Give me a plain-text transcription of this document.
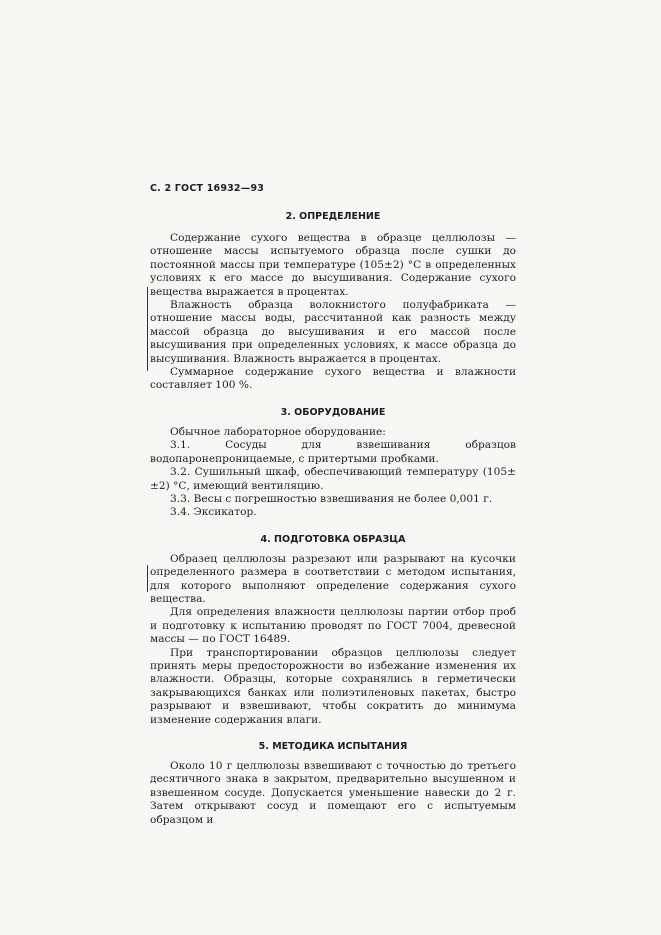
С. 2 ГОСТ 16932—93
2. ОПРЕДЕЛЕНИЕ

Содержание сухого вещества в образце целлюлозы — отношение массы испытуемого образца после сушки до постоянной массы при температуре (105±2) °С в определенных условиях к его массе до высушивания. Содержание сухого вещества выражается в процентах.

Влажность образца волокнистого полуфабриката — отношение массы воды, рассчитанной как разность между массой образца до высушивания и его массой после высушивания при определенных условиях, к массе образца до высушивания. Влажность выражается в процентах.

Суммарное содержание сухого вещества и влажности составляет 100 %.

3. ОБОРУДОВАНИЕ

Обычное лабораторное оборудование:

3.1. Сосуды для взвешивания образцов водопаронепроницаемые, с притертыми пробками.

3.2. Сушильный шкаф, обеспечивающий температуру (105±±2) °С, имеющий вентиляцию.

3.3. Весы с погрешностью взвешивания не более 0,001 г.

3.4. Эксикатор.

4. ПОДГОТОВКА ОБРАЗЦА

Образец целлюлозы разрезают или разрывают на кусочки определенного размера в соответствии с методом испытания, для которого выполняют определение содержания сухого вещества.

Для определения влажности целлюлозы партии отбор проб и подготовку к испытанию проводят по ГОСТ 7004, древесной массы — по ГОСТ 16489.

При транспортировании образцов целлюлозы следует принять меры предосторожности во избежание изменения их влажности. Образцы, которые сохранялись в герметически закрывающихся банках или полиэтиленовых пакетах, быстро разрывают и взвешивают, чтобы сократить до минимума изменение содержания влаги.

5. МЕТОДИКА ИСПЫТАНИЯ

Около 10 г целлюлозы взвешивают с точностью до третьего десятичного знака в закрытом, предварительно высушенном и взвешенном сосуде. Допускается уменьшение навески до 2 г. Затем открывают сосуд и помещают его с испытуемым образцом и
